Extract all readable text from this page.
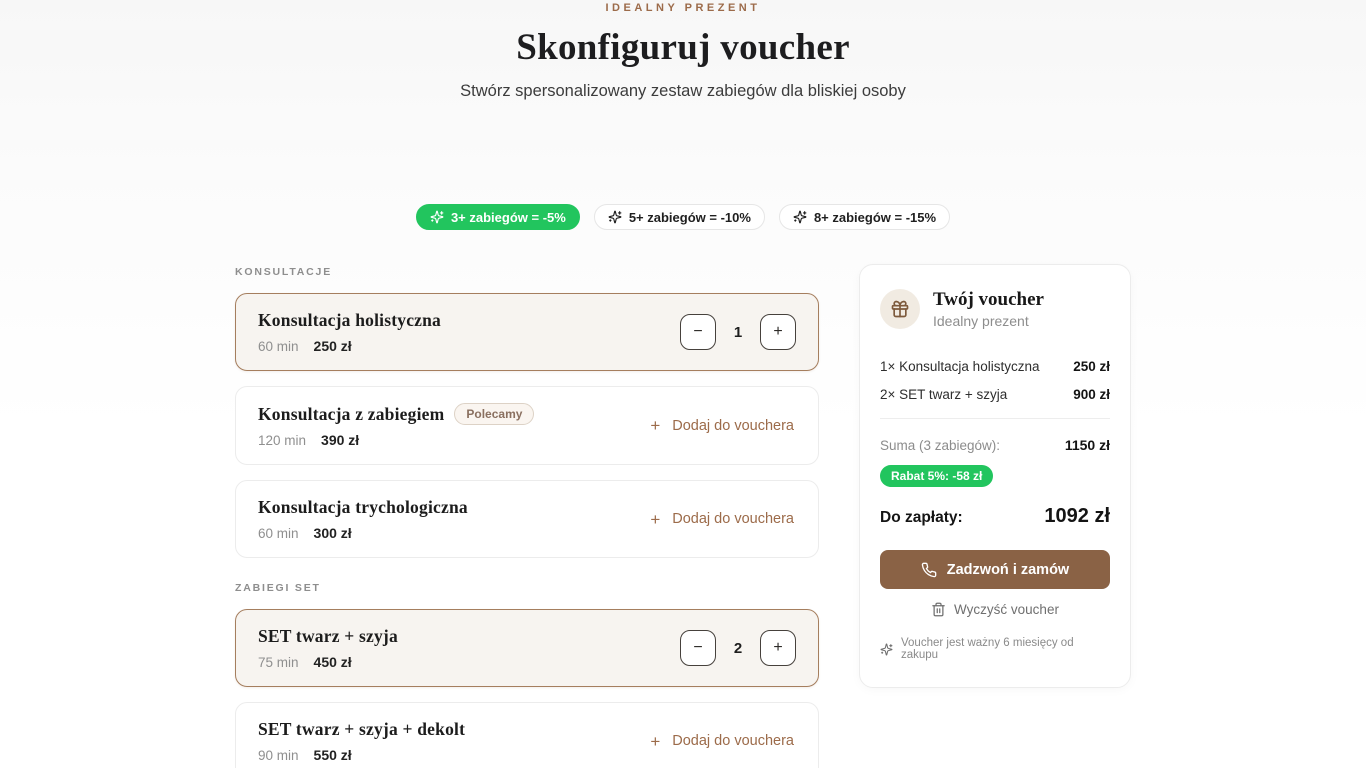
IDEALNY PREZENT
Skonfiguruj voucher
Stwórz spersonalizowany zestaw zabiegów dla bliskiej osoby
3+ zabiegów = -5%	5+ zabiegów = -10%	8+ zabiegów = -15%
KONSULTACJE
Konsultacja holistyczna
60 min 250 zł
−	1	+
Konsultacja z zabiegiem	Polecamy
120 min 390 zł
+ Dodaj do vouchera
Konsultacja trychologiczna
60 min 300 zł
+ Dodaj do vouchera
ZABIEGI SET
SET twarz + szyja
75 min 450 zł
−	2	+
SET twarz + szyja + dekolt
90 min 550 zł
+ Dodaj do vouchera
Twój voucher
Idealny prezent
1× Konsultacja holistyczna	250 zł
2× SET twarz + szyja	900 zł
Suma (3 zabiegów):	1150 zł
Rabat 5%: -58 zł
Do zapłaty:	1092 zł
Zadzwoń i zamów
Wyczyść voucher
Voucher jest ważny 6 miesięcy od zakupu
